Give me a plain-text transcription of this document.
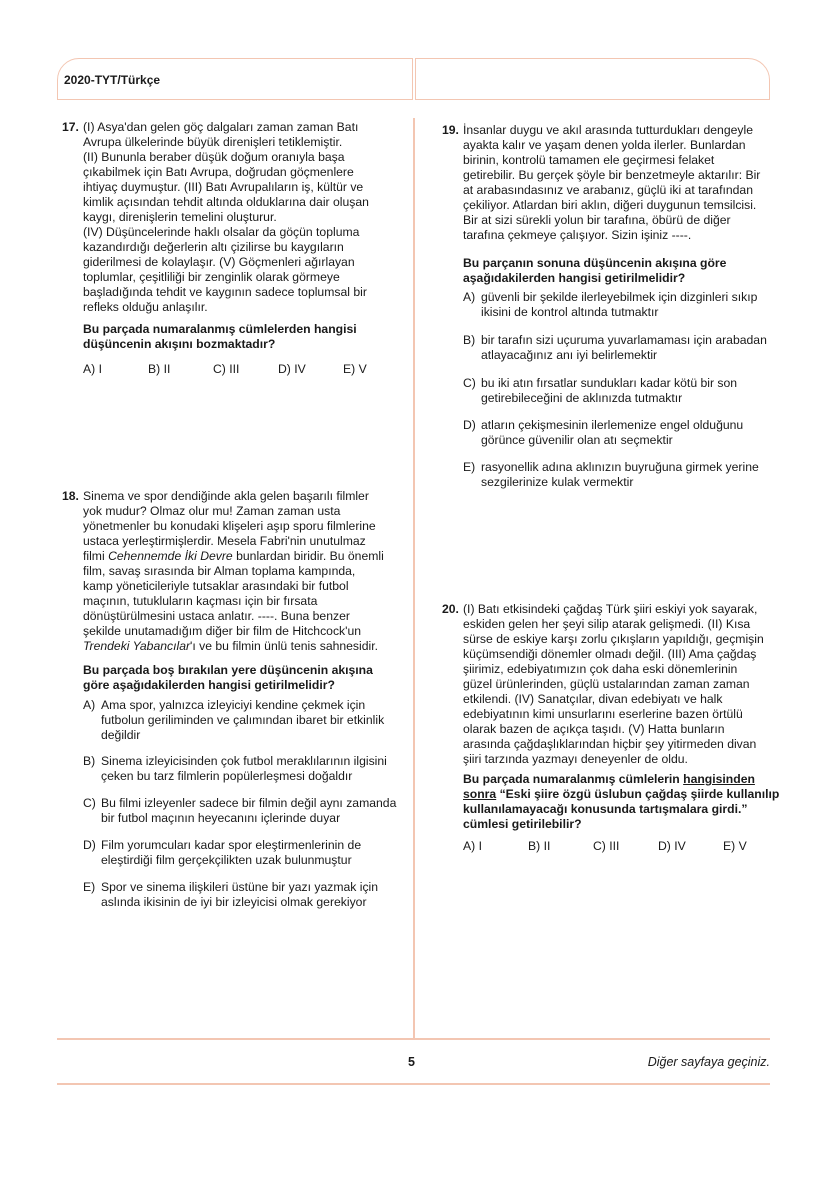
2020-TYT/Türkçe
5	Diğer sayfaya geçiniz.
17. (I) Asya'dan gelen göç dalgaları zaman zaman Batı
Avrupa ülkelerinde büyük direnişleri tetiklemiştir.
(II) Bununla beraber düşük doğum oranıyla başa
çıkabilmek için Batı Avrupa, doğrudan göçmenlere
ihtiyaç duymuştur. (III) Batı Avrupalıların iş, kültür ve
kimlik açısından tehdit altında olduklarına dair oluşan
kaygı, direnişlerin temelini oluşturur.
(IV) Düşüncelerinde haklı olsalar da göçün topluma
kazandırdığı değerlerin altı çizilirse bu kaygıların
giderilmesi de kolaylaşır. (V) Göçmenleri ağırlayan
toplumlar, çeşitliliği bir zenginlik olarak görmeye
başladığında tehdit ve kaygının sadece toplumsal bir
refleks olduğu anlaşılır.
Bu parçada numaralanmış cümlelerden hangisi
düşüncenin akışını bozmaktadır?
A) I	B) II	C) III	D) IV	E) V
18. Sinema ve spor dendiğinde akla gelen başarılı filmler
yok mudur? Olmaz olur mu! Zaman zaman usta
yönetmenler bu konudaki klişeleri aşıp sporu filmlerine
ustaca yerleştirmişlerdir. Mesela Fabri'nin unutulmaz
filmi Cehennemde İki Devre bunlardan biridir. Bu önemli
film, savaş sırasında bir Alman toplama kampında,
kamp yöneticileriyle tutsaklar arasındaki bir futbol
maçının, tutukluların kaçması için bir fırsata
dönüştürülmesini ustaca anlatır. ----. Buna benzer
şekilde unutamadığım diğer bir film de Hitchcock'un
Trendeki Yabancılar'ı ve bu filmin ünlü tenis sahnesidir.
Bu parçada boş bırakılan yere düşüncenin akışına
göre aşağıdakilerden hangisi getirilmelidir?
A) Ama spor, yalnızca izleyiciyi kendine çekmek için
futbolun geriliminden ve çalımından ibaret bir etkinlik
değildir
B) Sinema izleyicisinden çok futbol meraklılarının ilgisini
çeken bu tarz filmlerin popülerleşmesi doğaldır
C) Bu filmi izleyenler sadece bir filmin değil aynı zamanda
bir futbol maçının heyecanını içlerinde duyar
D) Film yorumcuları kadar spor eleştirmenlerinin de
eleştirdiği film gerçekçilikten uzak bulunmuştur
E) Spor ve sinema ilişkileri üstüne bir yazı yazmak için
aslında ikisinin de iyi bir izleyicisi olmak gerekiyor
19. İnsanlar duygu ve akıl arasında tutturdukları dengeyle
ayakta kalır ve yaşam denen yolda ilerler. Bunlardan
birinin, kontrolü tamamen ele geçirmesi felaket
getirebilir. Bu gerçek şöyle bir benzetmeyle aktarılır: Bir
at arabasındasınız ve arabanız, güçlü iki at tarafından
çekiliyor. Atlardan biri aklın, diğeri duygunun temsilcisi.
Bir at sizi sürekli yolun bir tarafına, öbürü de diğer
tarafına çekmeye çalışıyor. Sizin işiniz ----.
Bu parçanın sonuna düşüncenin akışına göre
aşağıdakilerden hangisi getirilmelidir?
A) güvenli bir şekilde ilerleyebilmek için dizginleri sıkıp
ikisini de kontrol altında tutmaktır
B) bir tarafın sizi uçuruma yuvarlamaması için arabadan
atlayacağınız anı iyi belirlemektir
C) bu iki atın fırsatlar sundukları kadar kötü bir son
getirebileceğini de aklınızda tutmaktır
D) atların çekişmesinin ilerlemenize engel olduğunu
görünce güvenilir olan atı seçmektir
E) rasyonellik adına aklınızın buyruğuna girmek yerine
sezgilerinize kulak vermektir
20. (I) Batı etkisindeki çağdaş Türk şiiri eskiyi yok sayarak,
eskiden gelen her şeyi silip atarak gelişmedi. (II) Kısa
sürse de eskiye karşı zorlu çıkışların yapıldığı, geçmişin
küçümsendiği dönemler olmadı değil. (III) Ama çağdaş
şiirimiz, edebiyatımızın çok daha eski dönemlerinin
güzel ürünlerinden, güçlü ustalarından zaman zaman
etkilendi. (IV) Sanatçılar, divan edebiyatı ve halk
edebiyatının kimi unsurlarını eserlerine bazen örtülü
olarak bazen de açıkça taşıdı. (V) Hatta bunların
arasında çağdaşlıklarından hiçbir şey yitirmeden divan
şiiri tarzında yazmayı deneyenler de oldu.
Bu parçada numaralanmış cümlelerin hangisinden
sonra “Eski şiire özgü üslubun çağdaş şiirde kullanılıp
kullanılamayacağı konusunda tartışmalara girdi.”
cümlesi getirilebilir?
A) I	B) II	C) III	D) IV	E) V
